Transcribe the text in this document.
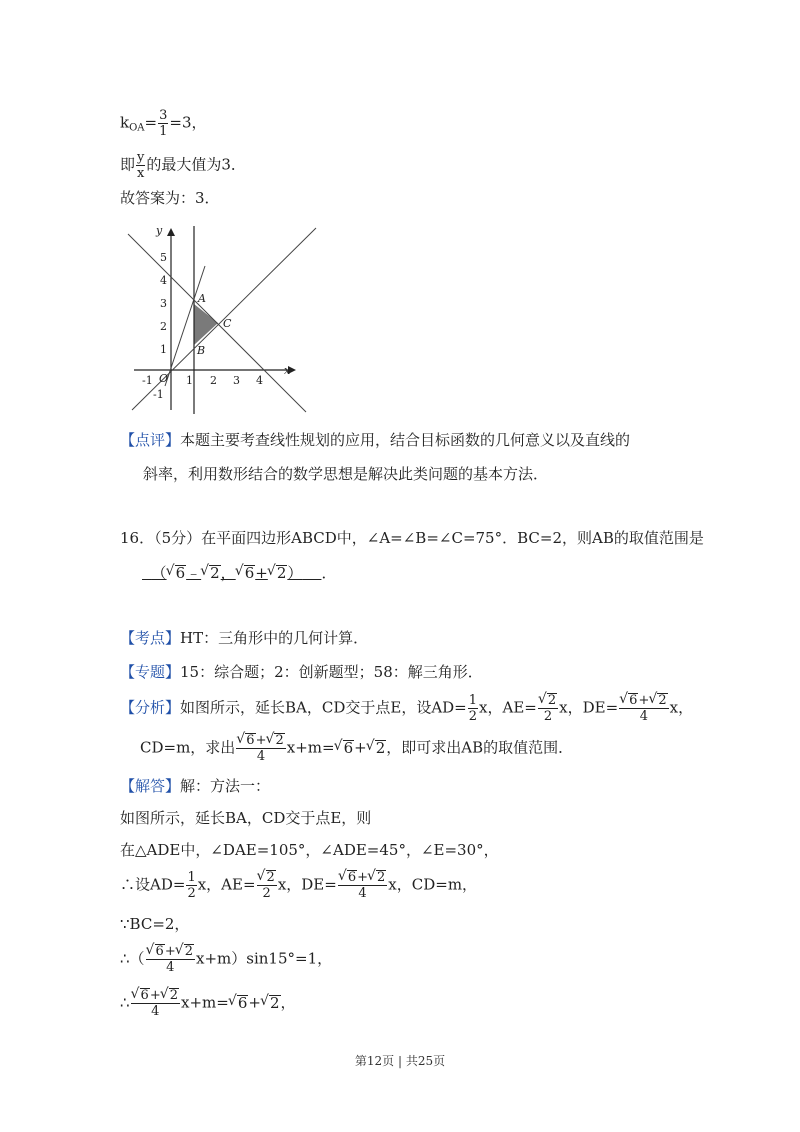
$k_{OA}= \frac{3}{1} =3$，
即 $\frac{y}{x}$ 的最大值为3．
故答案为：3．
y
x
O
-1	1 2 3 4
5
4
3
2
1
-1
A
B
C
【点评】本题主要考查线性规划的应用，结合目标函数的几何意义以及直线的
斜率，利用数形结合的数学思想是解决此类问题的基本方法．
16．（5分）在平面四边形ABCD中，∠A=∠B=∠C=75°．BC=2，则AB的取值范围是
（√ 6﹣√ 2，√ 6+√ 2） ．
【考点】HT：三角形中的几何计算．
【专题】15：综合题；2：创新题型；58：解三角形．
【分析】如图所示，延长BA，CD交于点E，设$AD= \frac{1}{2}$ x，AE=
√ $\frac{2}{2}$ x，DE=
√ $\frac{6+√ 2}{4}$ x，
CD=m，求出
√ $\frac{6+√ 2}{4} x+m=√$ 6+√ 2，即可求出AB的取值范围．
【解答】解：方法一：
如图所示，延长BA，CD交于点E，则
在△ADE中，∠DAE=105°，∠ADE=45°，∠E=30°，
∴设$AD= \frac{1}{2}$ x，AE=
√ $\frac{2}{2}$ x，DE=
√ $\frac{6+√ 2}{4}$ x，CD=m，
∵BC=2，
∴（
√ $\frac{6+√ 2}{4} x+m)\sin 15^\circ=1$，
∴
√ $\frac{6+√ 2}{4} x+m=√$ 6+√ 2，
第12页 | 共25页
